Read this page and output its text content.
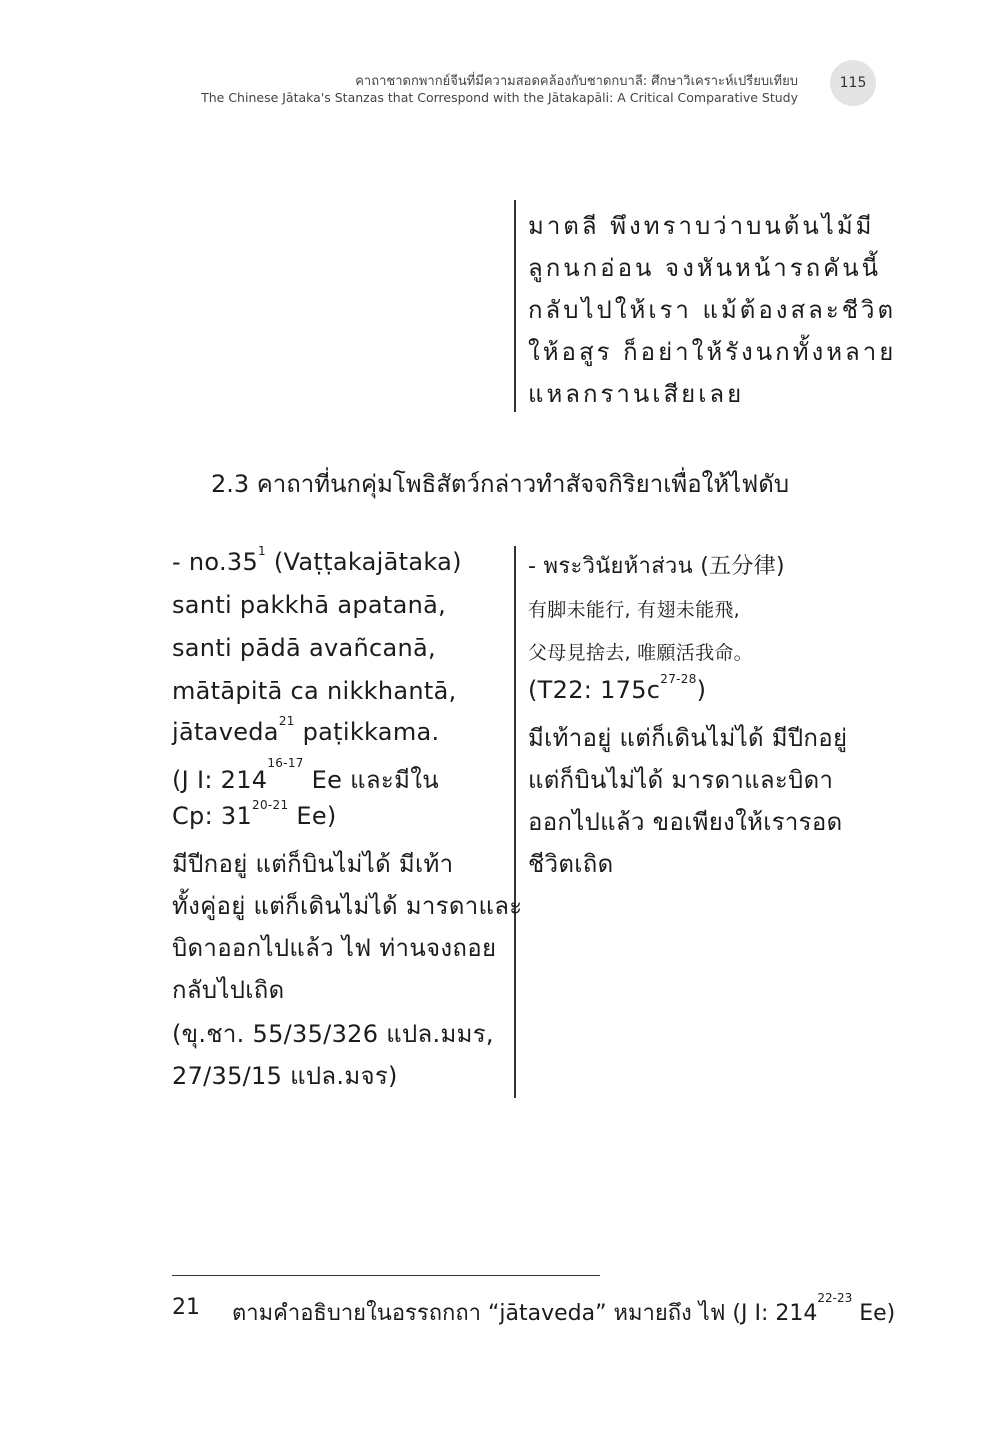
คาถาชาดกพากย์จีนที่มีความสอดคล้องกับชาดกบาลี: ศึกษาวิเคราะห์เปรียบเทียบ
The Chinese Jātaka's Stanzas that Correspond with the Jātakapāli: A Critical Comparative Study
115
มาตลี พึงทราบว่าบนต้นไม้มี
ลูกนกอ่อน จงหันหน้ารถคันนี้
กลับไปให้เรา แม้ต้องสละชีวิต
ให้อสูร ก็อย่าให้รังนกทั้งหลาย
แหลกรานเสียเลย
2.3 คาถาที่นกคุ่มโพธิสัตว์กล่าวทำสัจจกิริยาเพื่อให้ไฟดับ
- $no.35^1$ (Vaṭṭakajātaka)
santi pakkhā apatanā,
santi pādā avañcanā,
mātāpitā ca nikkhantā,
jātaveda$^{21}$ paṭikkama.
(J I: 214$^{16-17}$ Ee และมีใน
Cp: 31$^{20-21}$ Ee)
มีปีกอยู่ แต่ก็บินไม่ได้ มีเท้า
ทั้งคู่อยู่ แต่ก็เดินไม่ได้ มารดาและ
บิดาออกไปแล้ว ไฟ ท่านจงถอย
กลับไปเถิด
(ขุ.ชา. 55/35/326 แปล.มมร,
27/35/15 แปล.มจร)
- พระวินัยห้าส่วน (五分律)
有脚未能行, 有翅未能飛,
父母見捨去, 唯願活我命。
(T22: $175c^{27-28}$)
มีเท้าอยู่ แต่ก็เดินไม่ได้ มีปีกอยู่
แต่ก็บินไม่ได้ มารดาและบิดา
ออกไปแล้ว ขอเพียงให้เรารอด
ชีวิตเถิด
21 ตามคำอธิบายในอรรถกถา “jātaveda” หมายถึง ไฟ (J I: 214$^{22-23}$ Ee)
